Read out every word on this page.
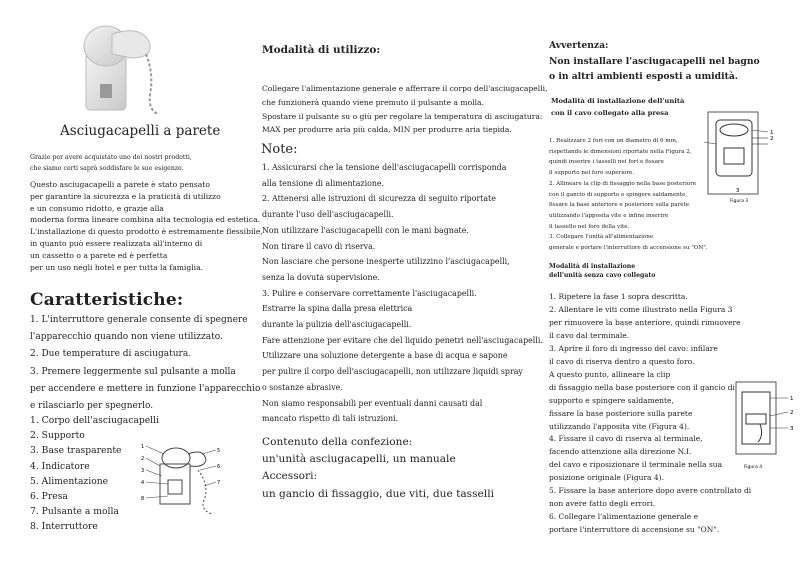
Asciugacapelli a parete
Grazie per avere acquistato uno dei nostri prodotti,
che siamo certi saprà soddisfare le sue esigenze.
Questo asciugacapelli a parete è stato pensato
per garantire la sicurezza e la praticità di utilizzo
e un consumo ridotto, e grazie alla
moderna forma lineare combina alta tecnologia ed estetica.
L'installazione di questo prodotto è estremamente flessibile,
in quanto può essere realizzata all'interno di
un cassetto o a parete ed è perfetta
per un uso negli hotel e per tutta la famiglia.
Caratteristiche:
1. L'interruttore generale consente di spegnere
l'apparecchio quando non viene utilizzato.
2. Due temperature di asciugatura.
3. Premere leggermente sul pulsante a molla
per accendere e mettere in funzione l'apparecchio
e rilasciarlo per spegnerlo.
1. Corpo dell'asciugacapelli
2. Supporto
3. Base trasparente
4. Indicatore
5. Alimentazione
6. Presa
7. Pulsante a molla
8. Interruttore
1
2
3
4
5
6
7
8
Modalità di utilizzo:
Collegare l'alimentazione generale e afferrare il corpo dell'asciugacapelli,
che funzionerà quando viene premuto il pulsante a molla.
Spostare il pulsante su o giù per regolare la temperatura di asciugatura:
MAX per produrre aria più calda, MIN per produrre aria tiepida.
Note:
1. Assicurarsi che la tensione dell'asciugacapelli corrisponda
alla tensione di alimentazione.
2. Attenersi alle istruzioni di sicurezza di seguito riportate
durante l'uso dell'asciugacapelli.
Non utilizzare l'asciugacapelli con le mani bagnate.
Non tirare il cavo di riserva.
Non lasciare che persone inesperte utilizzino l'asciugacapelli,
senza la dovuta supervisione.
3. Pulire e conservare correttamente l'asciugacapelli.
Estrarre la spina dalla presa elettrica
durante la pulizia dell'asciugacapelli.
Fare attenzione per evitare che del liquido penetri nell'asciugacapelli.
Utilizzare una soluzione detergente a base di acqua e sapone
per pulire il corpo dell'asciugacapelli, non utilizzare liquidi spray
o sostanze abrasive.
Non siamo responsabili per eventuali danni causati dal
mancato rispetto di tali istruzioni.
Contenuto della confezione:
un'unità asciugacapelli, un manuale
Accessori:
un gancio di fissaggio, due viti, due tasselli
Avvertenza:
Non installare l'asciugacapelli nel bagno
o in altri ambienti esposti a umidità.
Modalità di installazione dell'unità
con il cavo collegato alla presa
1. Realizzare 2 fori con un diametro di 6 mm,
rispettando le dimensioni riportate nella Figura 2,
quindi inserire i tasselli nei fori e fissare
il supporto nel foro superiore.
2. Allineare la clip di fissaggio nella base posteriore
con il gancio di supporto e spingere saldamente,
fissare la base anteriore e posteriore sulla parete
utilizzando l'apposita vite e infine inserire
il tassello nel foro della vite.
3. Collegare l'unità all'alimentazione
generale e portare l'interruttore di accensione su "ON".
1
2
3
Figura 3
Modalità di installazione
dell'unità senza cavo collegato
1. Ripetere la fase 1 sopra descritta.
2. Allentare le viti come illustrato nella Figura 3
per rimuovere la base anteriore, quindi rimuovere
il cavo dal terminale.
3. Aprire il foro di ingresso del cavo: infilare
il cavo di riserva dentro a questo foro.
A questo punto, allineare la clip
di fissaggio nella base posteriore con il gancio di
supporto e spingere saldamente,
fissare la base posteriore sulla parete
utilizzando l'apposita vite (Figura 4).
4. Fissare il cavo di riserva al terminale,
facendo attenzione alla direzione N.I.
del cavo e riposizionare il terminale nella sua
posizione originale (Figura 4).
5. Fissare la base anteriore dopo avere controllato di
non avere fatto degli errori.
6. Collegare l'alimentazione generale e
portare l'interruttore di accensione su "ON".
1
2
3
Figura 4
